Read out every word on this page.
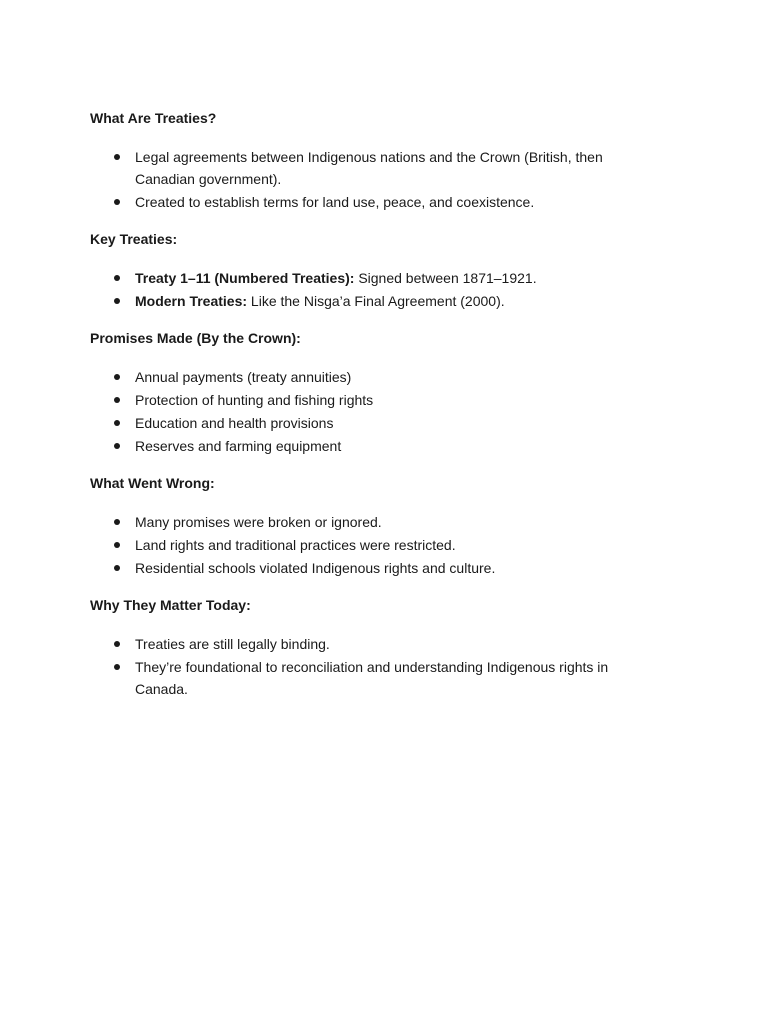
What Are Treaties?

Legal agreements between Indigenous nations and the Crown (British, then Canadian government).
Created to establish terms for land use, peace, and coexistence.

Key Treaties:

Treaty 1–11 (Numbered Treaties): Signed between 1871–1921.
Modern Treaties: Like the Nisga’a Final Agreement (2000).

Promises Made (By the Crown):

Annual payments (treaty annuities)
Protection of hunting and fishing rights
Education and health provisions
Reserves and farming equipment

What Went Wrong:

Many promises were broken or ignored.
Land rights and traditional practices were restricted.
Residential schools violated Indigenous rights and culture.

Why They Matter Today:

Treaties are still legally binding.
They’re foundational to reconciliation and understanding Indigenous rights in Canada.
